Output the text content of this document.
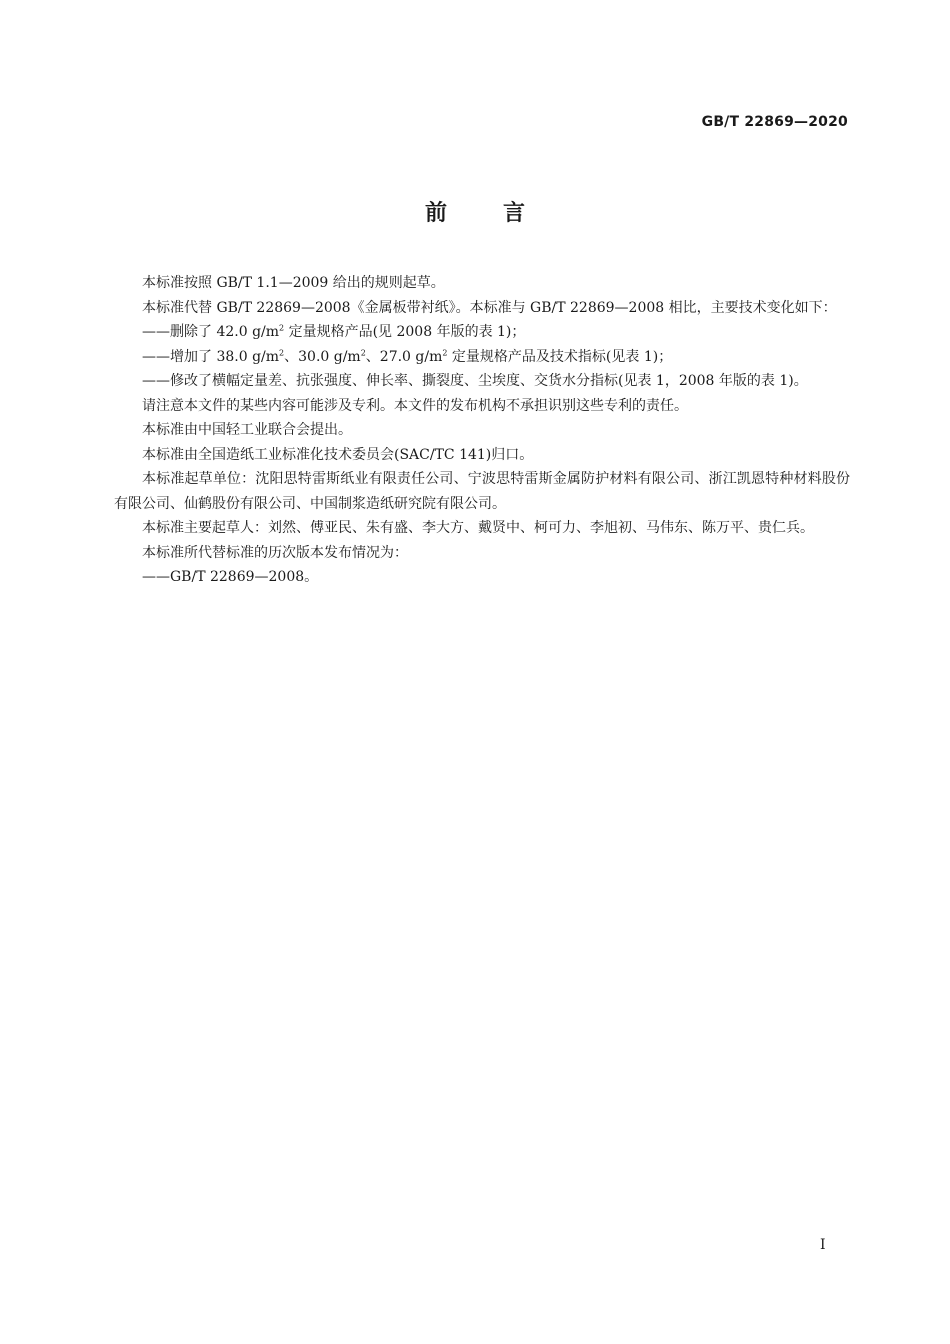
GB/T 22869—2020
前言

本标准按照 GB/T 1.1—2009 给出的规则起草。

本标准代替 GB/T 22869—2008《金属板带衬纸》。本标准与 GB/T 22869—2008 相比，主要技术变化如下：

——删除了 42.0 $g/m^2$ 定量规格产品(见 2008 年版的表 1)；

——增加了 38.0 $g/m^2$、30.0 $g/m^2$、27.0 $g/m^2$ 定量规格产品及技术指标(见表 1)；

——修改了横幅定量差、抗张强度、伸长率、撕裂度、尘埃度、交货水分指标(见表 1，2008 年版的表 1)。

请注意本文件的某些内容可能涉及专利。本文件的发布机构不承担识别这些专利的责任。

本标准由中国轻工业联合会提出。

本标准由全国造纸工业标准化技术委员会(SAC/TC 141)归口。

本标准起草单位：沈阳思特雷斯纸业有限责任公司、宁波思特雷斯金属防护材料有限公司、浙江凯恩特种材料股份有限公司、仙鹤股份有限公司、中国制浆造纸研究院有限公司。

本标准主要起草人：刘然、傅亚民、朱有盛、李大方、戴贤中、柯可力、李旭初、马伟东、陈万平、贵仁兵。

本标准所代替标准的历次版本发布情况为：

——GB/T 22869—2008。

I
